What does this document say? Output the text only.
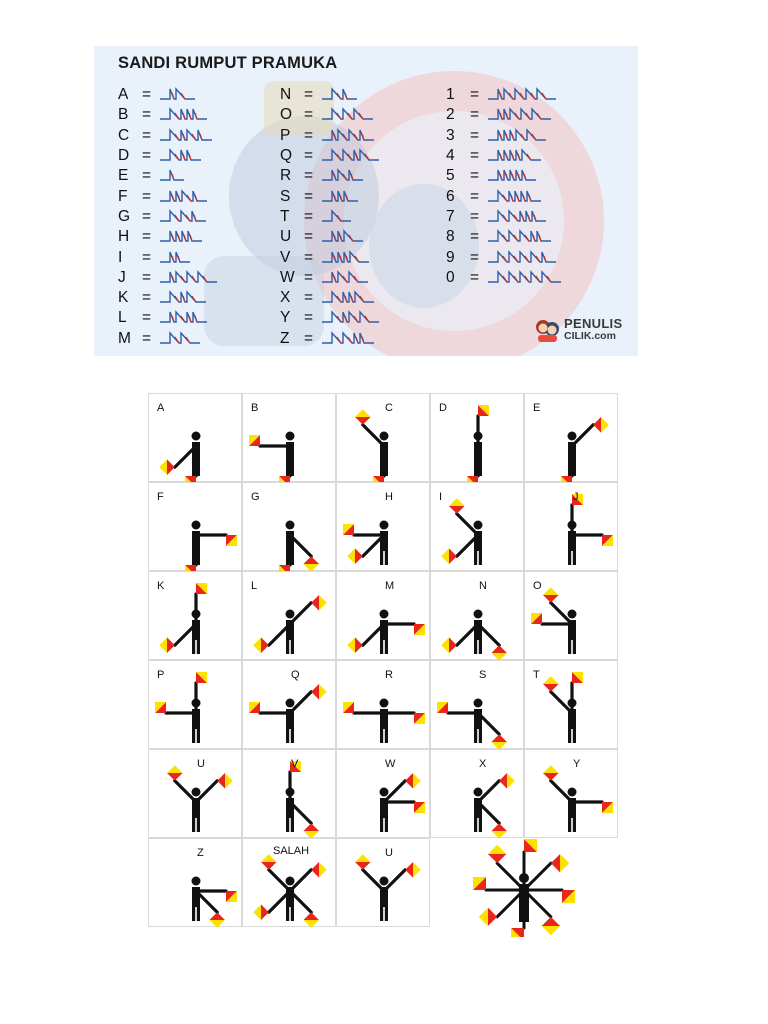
SANDI RUMPUT PRAMUKA
A =
B =
C =
D =
E =
F =
G =
H =
I	=
J	=
K =
L =
M =
N =
O =
P =
Q =
R =
S =
T =
U =
V =
W =
X =
Y =
Z =
1 =
2 =
3 =
4 =
5 =
6 =
7 =
8 =
9 =
0 =
PENULIS
CILIK.com
A	B	C	D	E
F	G	H	I	J
K	L	M	N	O
P	Q	R	S	T
U	V	W	X	Y
Z	SALAH	U
